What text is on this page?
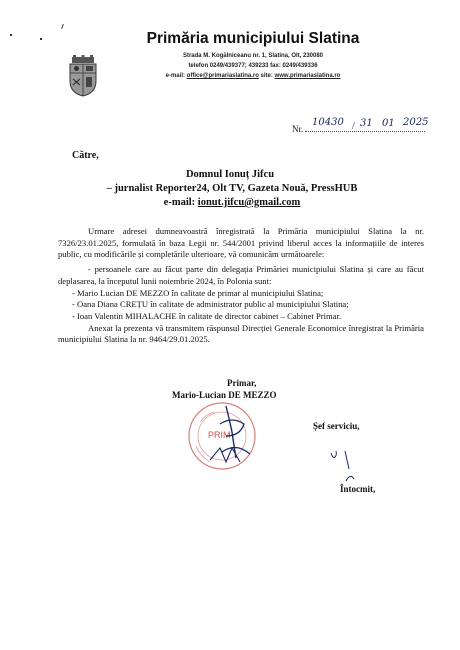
Primăria municipiului Slatina
Strada M. Kogălniceanu nr. 1, Slatina, Olt, 230080
telefon 0249/439377; 439233 fax: 0249/439336
e-mail: office@primariaslatina.ro site: www.primariaslatina.ro
Nr.
10430 / 31 01 2025
Către,
Domnul Ionuț Jifcu
– jurnalist Reporter24, Olt TV, Gazeta Nouă, PressHUB
e-mail: ionut.jifcu@gmail.com

Urmare adresei dumneavoastră înregistrată la Primăria municipiului Slatina la nr. 7326/23.01.2025, formulată în baza Legii nr. 544/2001 privind liberul acces la informațiile de interes public, cu modificările și completările ulterioare, vă comunicăm următoarele:

- persoanele care au făcut parte din delegația Primăriei municipiului Slatina și care au făcut deplasarea, la începutul lunii noiembrie 2024, în Polonia sunt:

- Mario Lucian DE MEZZO în calitate de primar al municipiului Slatina;

- Oana Diana CREȚU în calitate de administrator public al municipiului Slatina;

- Ioan Valentin MIHALACHE în calitate de director cabinet – Cabinet Primar.

Anexat la prezenta vă transmitem răspunsul Direcției Generale Economice înregistrat la Primăria municipiului Slatina la nr. 9464/29.01.2025.

Primar,
Mario-Lucian DE MEZZO
PRIM
Șef serviciu,
Întocmit,
